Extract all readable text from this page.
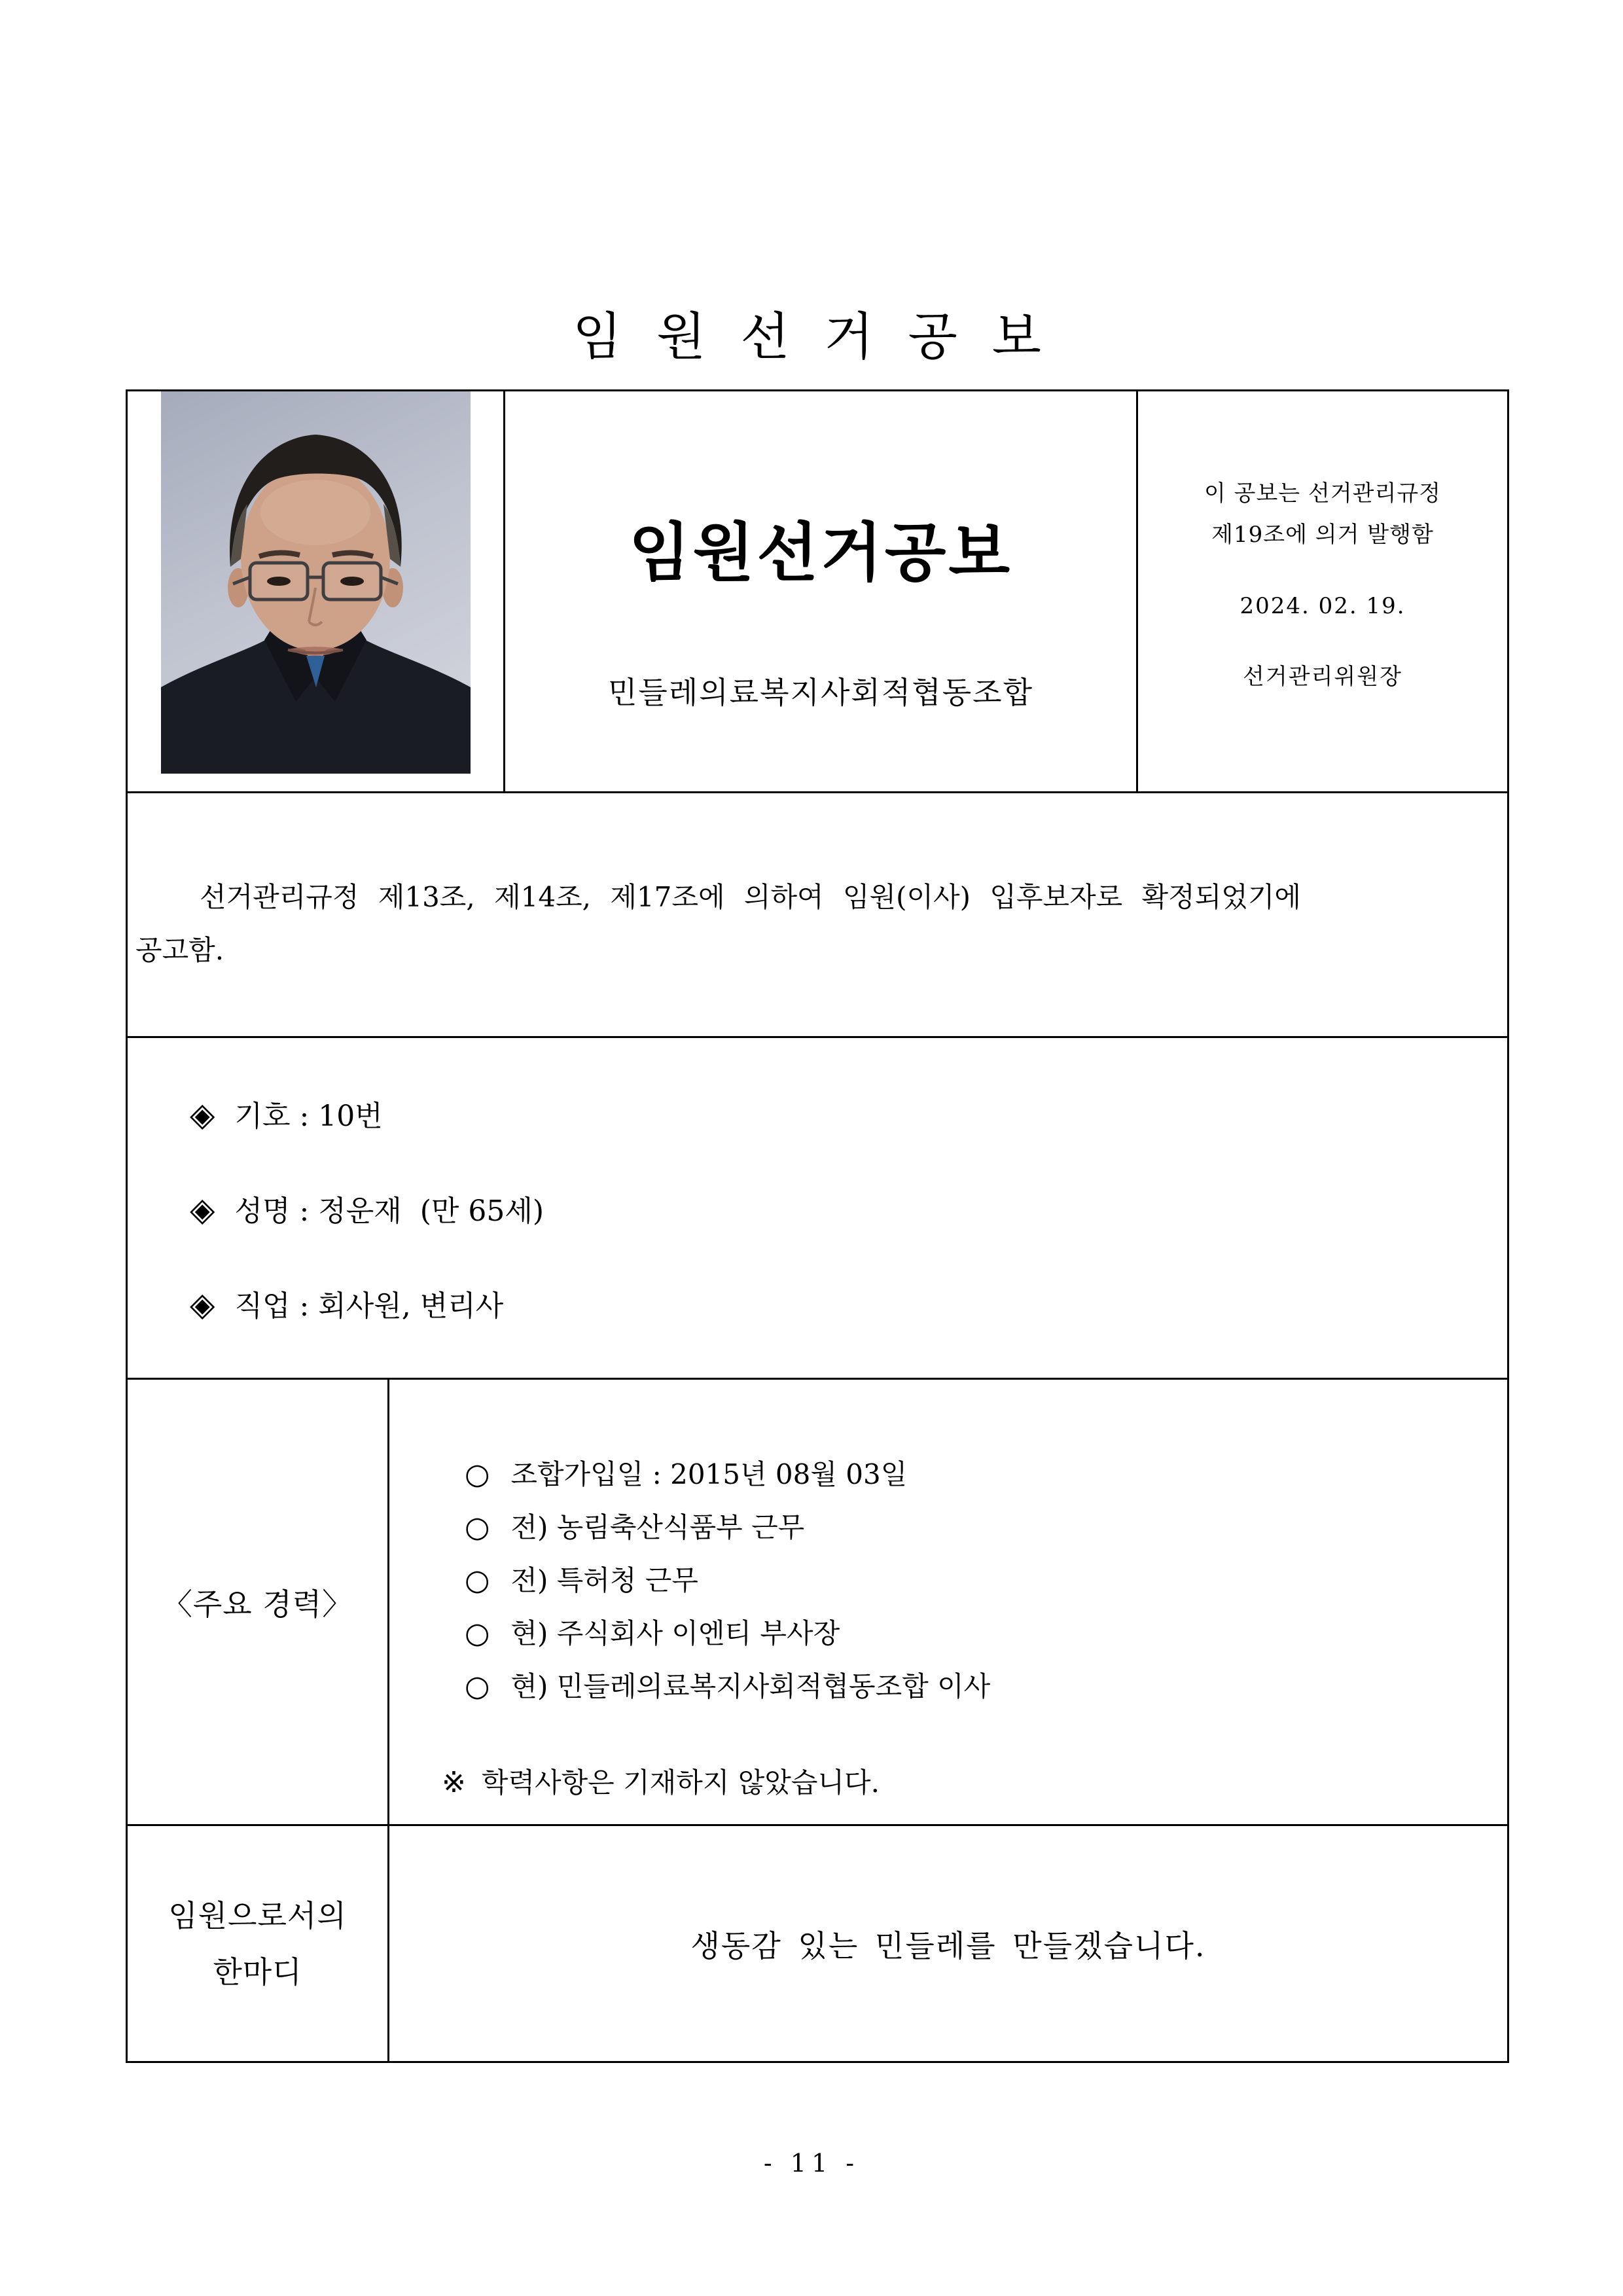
임 원 선 거 공 보

임원선거공보
민들레의료복지사회적협동조합

이 공보는 선거관리규정
제19조에 의거 발행함
2024. 02. 19.
선거관리위원장

선거관리규정 제13조, 제14조, 제17조에 의하여 임원(이사) 입후보자로 확정되었기에
공고함.			

◈ 기호 : 10번
◈ 성명 : 정운재  (만 65세)
◈ 직업 : 회사원, 변리사			

〈주요 경력〉

○ 조합가입일 : 2015년 08월 03일
○ 전) 농림축산식품부 근무
○ 전) 특허청 근무
○ 현) 주식회사 이엔티 부사장
○ 현) 민들레의료복지사회적협동조합 이사
※ 학력사항은 기재하지 않았습니다.

임원으로서의
한마디	생동감 있는 민들레를 만들겠습니다.		
- 11 -
